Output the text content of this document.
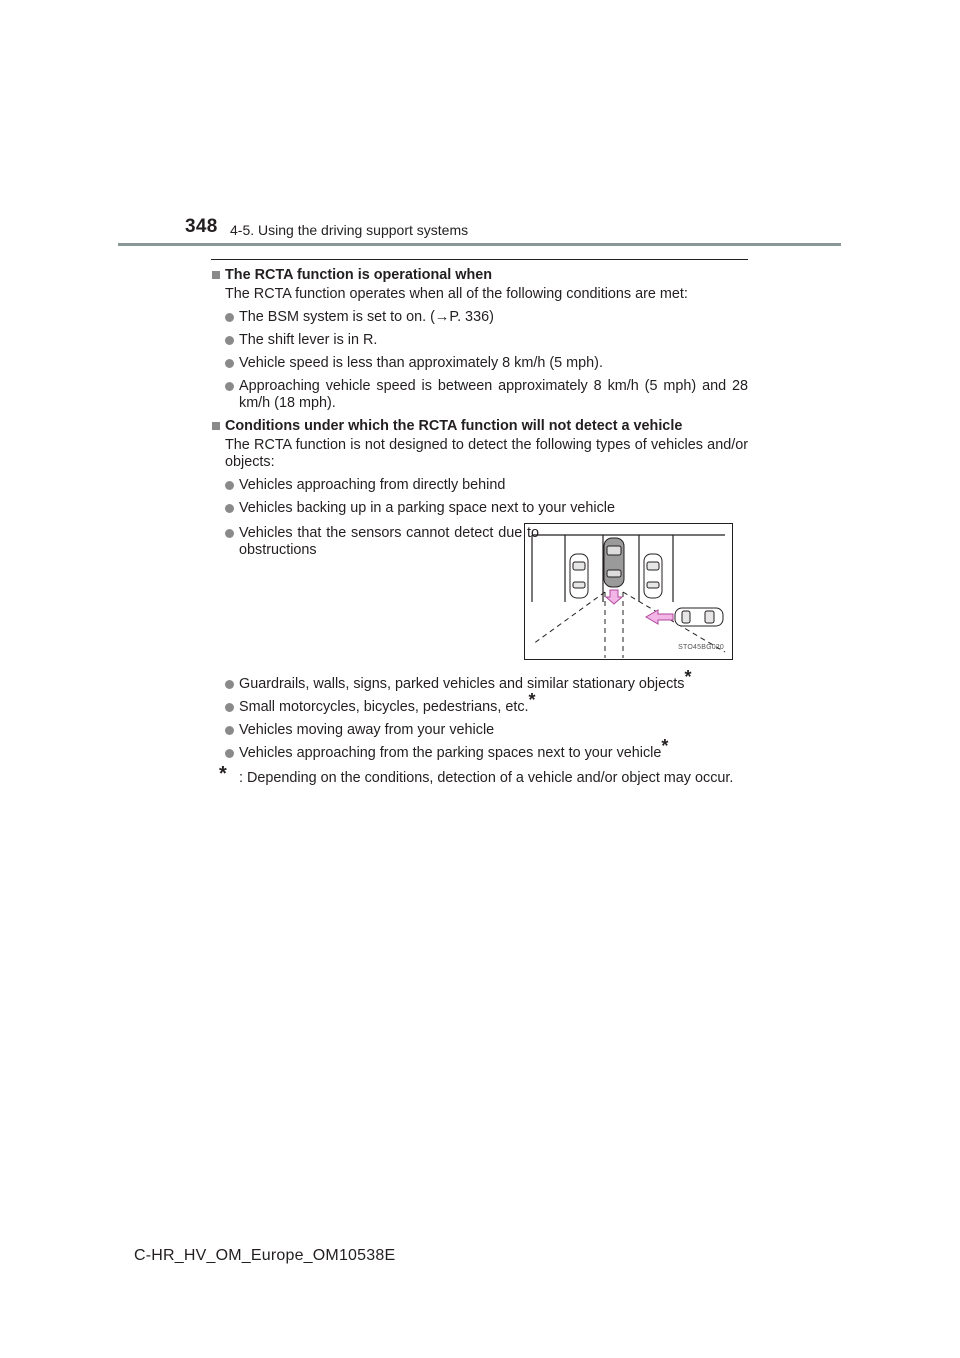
348 4-5. Using the driving support systems
The RCTA function is operational when
The RCTA function operates when all of the following conditions are met:
The BSM system is set to on. (→P. 336)
The shift lever is in R.
Vehicle speed is less than approximately 8 km/h (5 mph).
Approaching vehicle speed is between approximately 8 km/h (5 mph) and 28 km/h (18 mph).
Conditions under which the RCTA function will not detect a vehicle
The RCTA function is not designed to detect the following types of vehicles and/or objects:
Vehicles approaching from directly behind
Vehicles backing up in a parking space next to your vehicle
Vehicles that the sensors cannot detect due to obstructions
STO45BG020
Guardrails, walls, signs, parked vehicles and similar stationary objects*
Small motorcycles, bicycles, pedestrians, etc.*
Vehicles moving away from your vehicle
Vehicles approaching from the parking spaces next to your vehicle*
* : Depending on the conditions, detection of a vehicle and/or object may occur.
C-HR_HV_OM_Europe_OM10538E
